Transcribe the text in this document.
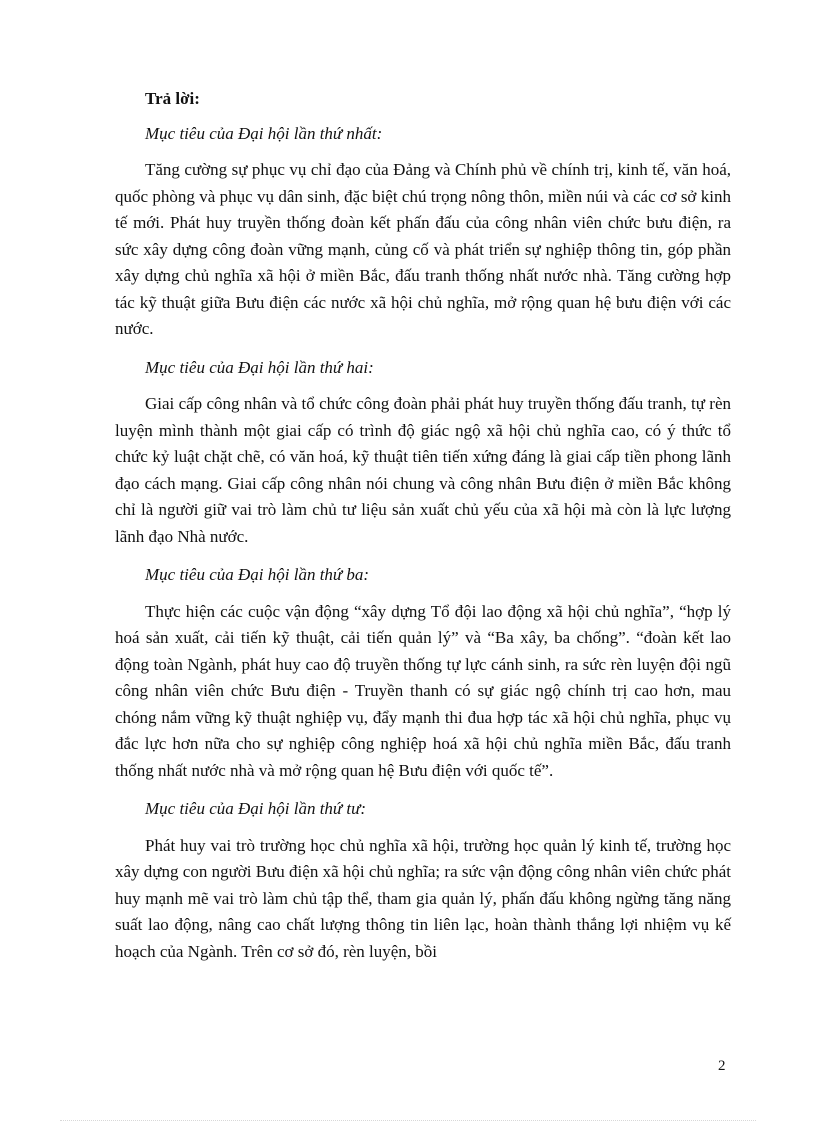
Trả lời:

Mục tiêu của Đại hội lần thứ nhất:

Tăng cường sự phục vụ chỉ đạo của Đảng và Chính phủ về chính trị, kinh tế, văn hoá, quốc phòng và phục vụ dân sinh, đặc biệt chú trọng nông thôn, miền núi và các cơ sở kinh tế mới. Phát huy truyền thống đoàn kết phấn đấu của công nhân viên chức bưu điện, ra sức xây dựng công đoàn vững mạnh, củng cố và phát triển sự nghiệp thông tin, góp phần xây dựng chủ nghĩa xã hội ở miền Bắc, đấu tranh thống nhất nước nhà. Tăng cường hợp tác kỹ thuật giữa Bưu điện các nước xã hội chủ nghĩa, mở rộng quan hệ bưu điện với các nước.

Mục tiêu của Đại hội lần thứ hai:

Giai cấp công nhân và tổ chức công đoàn phải phát huy truyền thống đấu tranh, tự rèn luyện mình thành một giai cấp có trình độ giác ngộ xã hội chủ nghĩa cao, có ý thức tổ chức kỷ luật chặt chẽ, có văn hoá, kỹ thuật tiên tiến xứng đáng là giai cấp tiền phong lãnh đạo cách mạng. Giai cấp công nhân nói chung và công nhân Bưu điện ở miền Bắc không chỉ là người giữ vai trò làm chủ tư liệu sản xuất chủ yếu của xã hội mà còn là lực lượng lãnh đạo Nhà nước.

Mục tiêu của Đại hội lần thứ ba:

Thực hiện các cuộc vận động “xây dựng Tổ đội lao động xã hội chủ nghĩa”, “hợp lý hoá sản xuất, cải tiến kỹ thuật, cải tiến quản lý” và “Ba xây, ba chống”. “đoàn kết lao động toàn Ngành, phát huy cao độ truyền thống tự lực cánh sinh, ra sức rèn luyện đội ngũ công nhân viên chức Bưu điện - Truyền thanh có sự giác ngộ chính trị cao hơn, mau chóng nắm vững kỹ thuật nghiệp vụ, đẩy mạnh thi đua hợp tác xã hội chủ nghĩa, phục vụ đắc lực hơn nữa cho sự nghiệp công nghiệp hoá xã hội chủ nghĩa miền Bắc, đấu tranh thống nhất nước nhà và mở rộng quan hệ Bưu điện với quốc tế”.

Mục tiêu của Đại hội lần thứ tư:

Phát huy vai trò trường học chủ nghĩa xã hội, trường học quản lý kinh tế, trường học xây dựng con người Bưu điện xã hội chủ nghĩa; ra sức vận động công nhân viên chức phát huy mạnh mẽ vai trò làm chủ tập thể, tham gia quản lý, phấn đấu không ngừng tăng năng suất lao động, nâng cao chất lượng thông tin liên lạc, hoàn thành thắng lợi nhiệm vụ kế hoạch của Ngành. Trên cơ sở đó, rèn luyện, bồi

2
